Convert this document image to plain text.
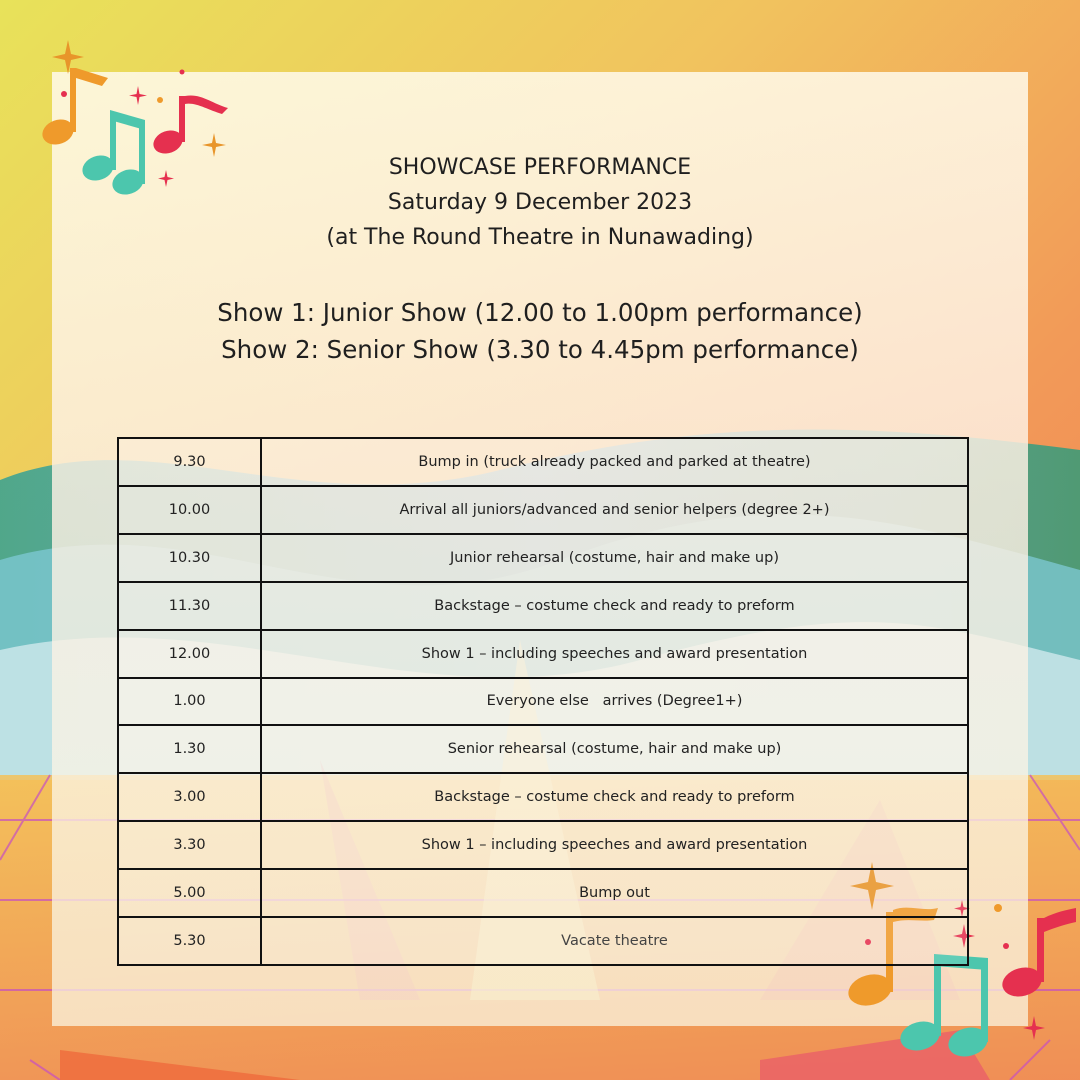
SHOWCASE PERFORMANCE
Saturday 9 December 2023
(at The Round Theatre in Nunawading)
Show 1: Junior Show (12.00 to 1.00pm performance)
Show 2: Senior Show (3.30 to 4.45pm performance)
9.30	Bump in (truck already packed and parked at theatre)
10.00	Arrival all juniors/advanced and senior helpers (degree 2+)
10.30	Junior rehearsal (costume, hair and make up)
11.30	Backstage – costume check and ready to preform
12.00	Show 1 – including speeches and award presentation
1.00	Everyone else   arrives (Degree1+)
1.30	Senior rehearsal (costume, hair and make up)
3.00	Backstage – costume check and ready to preform
3.30	Show 1 – including speeches and award presentation
5.00	Bump out
5.30	Vacate theatre
